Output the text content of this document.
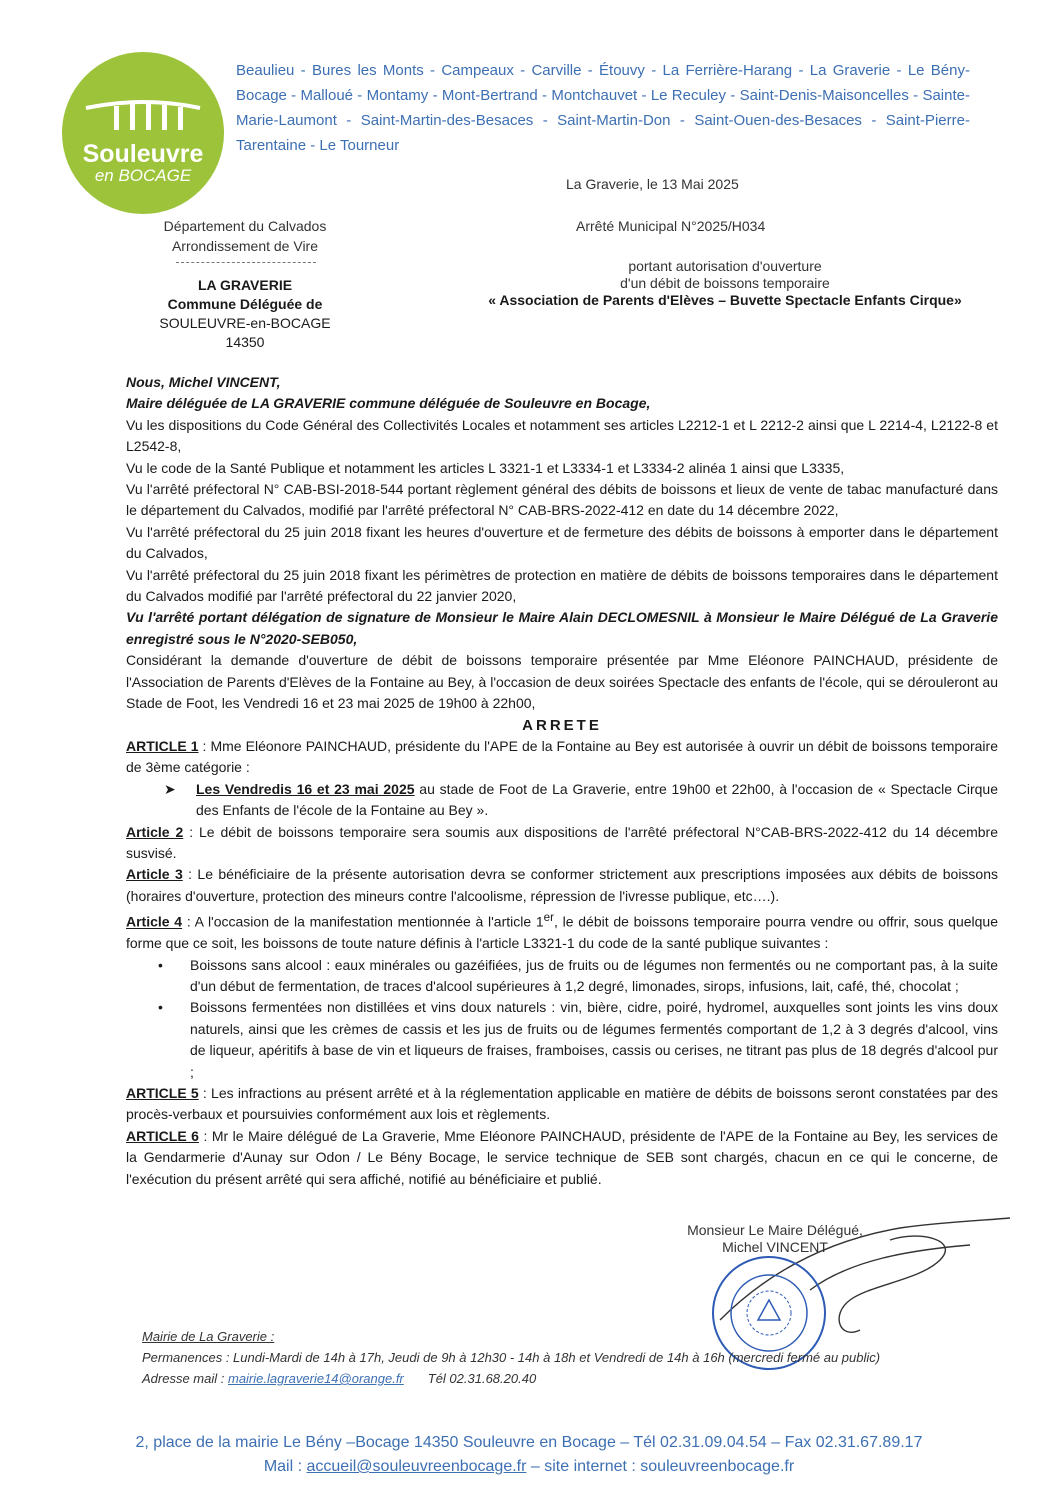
Souleuvre
en BOCAGE
Beaulieu - Bures les Monts - Campeaux - Carville - Étouvy - La Ferrière-Harang - La Graverie - Le Bény-Bocage - Malloué - Montamy - Mont-Bertrand - Montchauvet - Le Reculey - Saint-Denis-Maisoncelles - Sainte-Marie-Laumont - Saint-Martin-des-Besaces - Saint-Martin-Don - Saint-Ouen-des-Besaces - Saint-Pierre-Tarentaine - Le Tourneur
La Graverie, le 13 Mai 2025
Arrêté Municipal N°2025/H034
Département du Calvados
Arrondissement de Vire
LA GRAVERIE
Commune Déléguée de
SOULEUVRE-en-BOCAGE
14350
portant autorisation d'ouverture
d'un débit de boissons temporaire
« Association de Parents d'Elèves – Buvette Spectacle Enfants Cirque»

Nous, Michel VINCENT,

Maire déléguée de LA GRAVERIE commune déléguée de Souleuvre en Bocage,

Vu les dispositions du Code Général des Collectivités Locales et notamment ses articles L2212-1 et L 2212-2 ainsi que L 2214-4, L2122-8 et L2542-8,

Vu le code de la Santé Publique et notamment les articles L 3321-1 et L3334-1 et L3334-2 alinéa 1 ainsi que L3335,

Vu l'arrêté préfectoral N° CAB-BSI-2018-544 portant règlement général des débits de boissons et lieux de vente de tabac manufacturé dans le département du Calvados, modifié par l'arrêté préfectoral N° CAB-BRS-2022-412 en date du 14 décembre 2022,

Vu l'arrêté préfectoral du 25 juin 2018 fixant les heures d'ouverture et de fermeture des débits de boissons à emporter dans le département du Calvados,

Vu l'arrêté préfectoral du 25 juin 2018 fixant les périmètres de protection en matière de débits de boissons temporaires dans le département du Calvados modifié par l'arrêté préfectoral du 22 janvier 2020,

Vu l'arrêté portant délégation de signature de Monsieur le Maire Alain DECLOMESNIL à Monsieur le Maire Délégué de La Graverie enregistré sous le N°2020-SEB050,

Considérant la demande d'ouverture de débit de boissons temporaire présentée par Mme Eléonore PAINCHAUD, présidente de l'Association de Parents d'Elèves de la Fontaine au Bey, à l'occasion de deux soirées Spectacle des enfants de l'école, qui se dérouleront au Stade de Foot, les Vendredi 16 et 23 mai 2025 de 19h00 à 22h00,

ARRETE

ARTICLE 1 : Mme Eléonore PAINCHAUD, présidente du l'APE de la Fontaine au Bey est autorisée à ouvrir un débit de boissons temporaire de 3ème catégorie :

➤ Les Vendredis 16 et 23 mai 2025 au stade de Foot de La Graverie, entre 19h00 et 22h00, à l'occasion de « Spectacle Cirque des Enfants de l'école de la Fontaine au Bey ».

Article 2 : Le débit de boissons temporaire sera soumis aux dispositions de l'arrêté préfectoral N°CAB-BRS-2022-412 du 14 décembre susvisé.

Article 3 : Le bénéficiaire de la présente autorisation devra se conformer strictement aux prescriptions imposées aux débits de boissons (horaires d'ouverture, protection des mineurs contre l'alcoolisme, répression de l'ivresse publique, etc….).

Article 4 : A l'occasion de la manifestation mentionnée à l'article 1er, le débit de boissons temporaire pourra vendre ou offrir, sous quelque forme que ce soit, les boissons de toute nature définis à l'article L3321-1 du code de la santé publique suivantes :

• Boissons sans alcool : eaux minérales ou gazéifiées, jus de fruits ou de légumes non fermentés ou ne comportant pas, à la suite d'un début de fermentation, de traces d'alcool supérieures à 1,2 degré, limonades, sirops, infusions, lait, café, thé, chocolat ;

• Boissons fermentées non distillées et vins doux naturels : vin, bière, cidre, poiré, hydromel, auxquelles sont joints les vins doux naturels, ainsi que les crèmes de cassis et les jus de fruits ou de légumes fermentés comportant de 1,2 à 3 degrés d'alcool, vins de liqueur, apéritifs à base de vin et liqueurs de fraises, framboises, cassis ou cerises, ne titrant pas plus de 18 degrés d'alcool pur ;

ARTICLE 5 : Les infractions au présent arrêté et à la réglementation applicable en matière de débits de boissons seront constatées par des procès-verbaux et poursuivies conformément aux lois et règlements.

ARTICLE 6 : Mr le Maire délégué de La Graverie, Mme Eléonore PAINCHAUD, présidente de l'APE de la Fontaine au Bey, les services de la Gendarmerie d'Aunay sur Odon / Le Bény Bocage, le service technique de SEB sont chargés, chacun en ce qui le concerne, de l'exécution du présent arrêté qui sera affiché, notifié au bénéficiaire et publié.

Monsieur Le Maire Délégué,
Michel VINCENT
Mairie de La Graverie :
Permanences : Lundi-Mardi de 14h à 17h, Jeudi de 9h à 12h30 - 14h à 18h et Vendredi de 14h à 16h (mercredi fermé au public)
Adresse mail : mairie.lagraverie14@orange.fr Tél 02.31.68.20.40
2, place de la mairie Le Bény –Bocage 14350 Souleuvre en Bocage – Tél 02.31.09.04.54 – Fax 02.31.67.89.17
Mail : accueil@souleuvreenbocage.fr – site internet : souleuvreenbocage.fr
